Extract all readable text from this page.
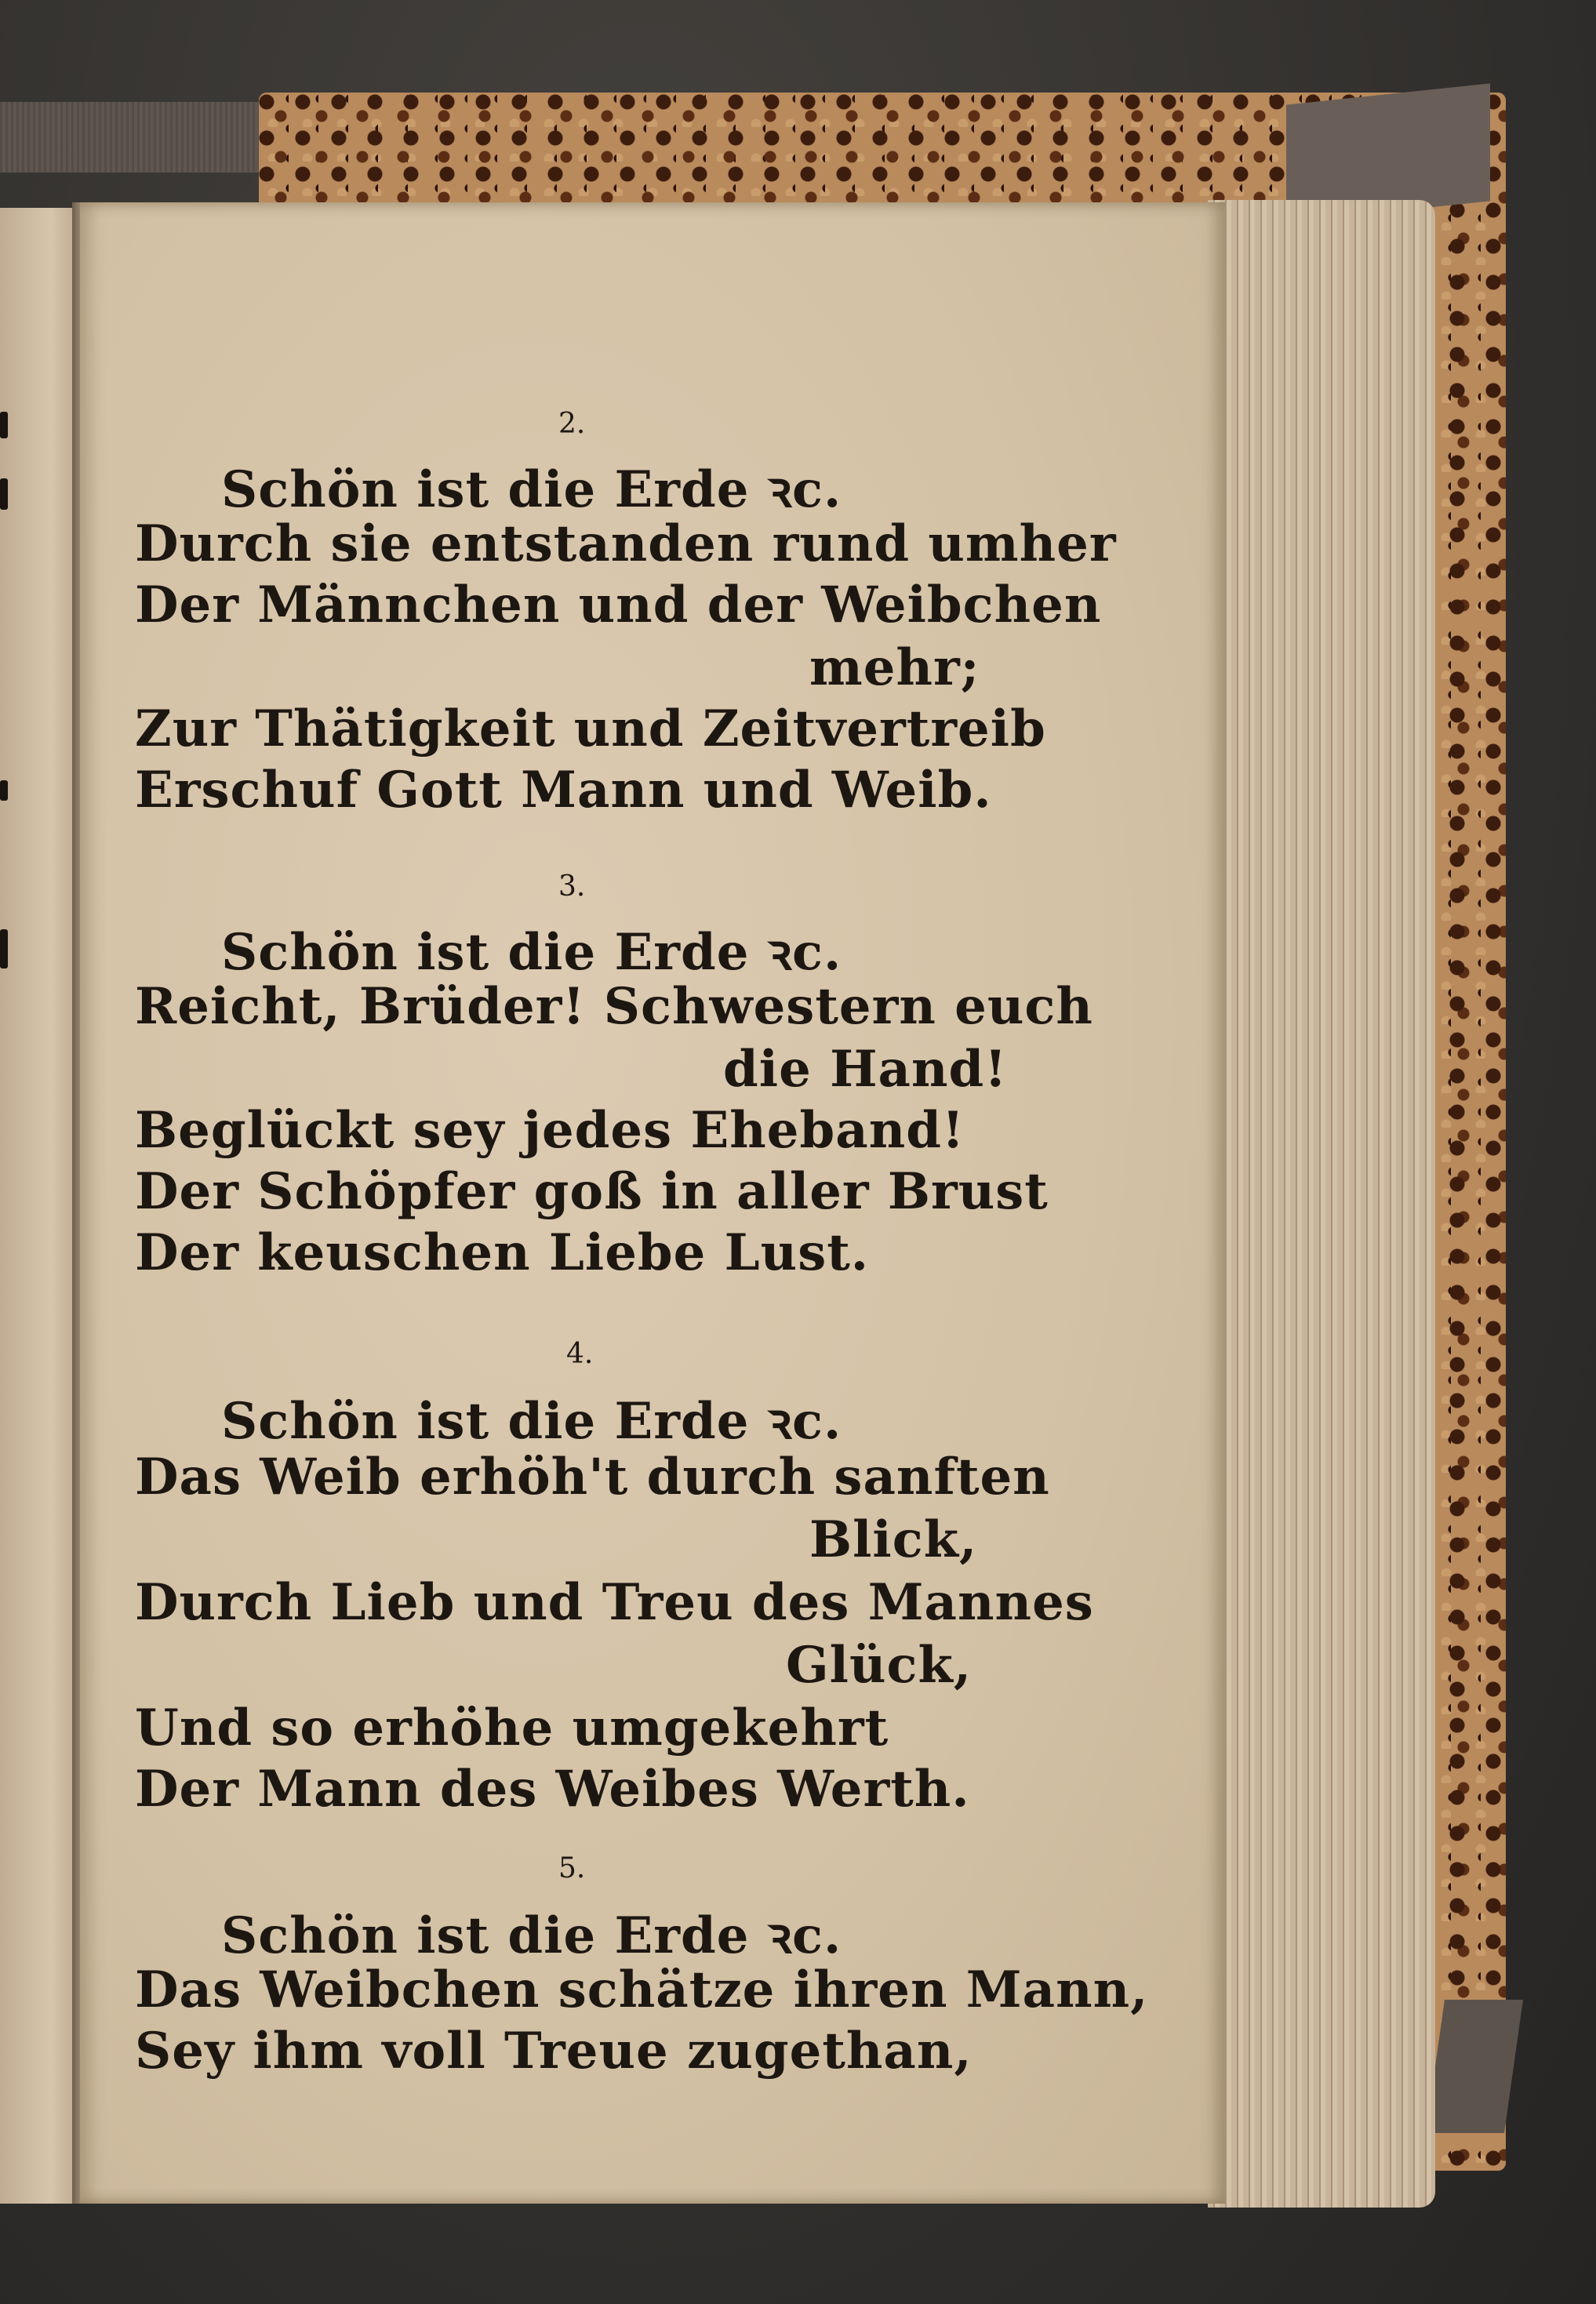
2.
Schön ist die Erde ꝛc.
Durch sie entstanden rund umher
Der Männchen und der Weibchen
mehr;
Zur Thätigkeit und Zeitvertreib
Erschuf Gott Mann und Weib.
3.
Schön ist die Erde ꝛc.
Reicht, Brüder! Schwestern euch
die Hand!
Beglückt sey jedes Eheband!
Der Schöpfer goß in aller Brust
Der keuschen Liebe Lust.
4.
Schön ist die Erde ꝛc.
Das Weib erhöh't durch sanften
Blick,
Durch Lieb und Treu des Mannes
Glück,
Und so erhöhe umgekehrt
Der Mann des Weibes Werth.
5.
Schön ist die Erde ꝛc.
Das Weibchen schätze ihren Mann,
Sey ihm voll Treue zugethan,
